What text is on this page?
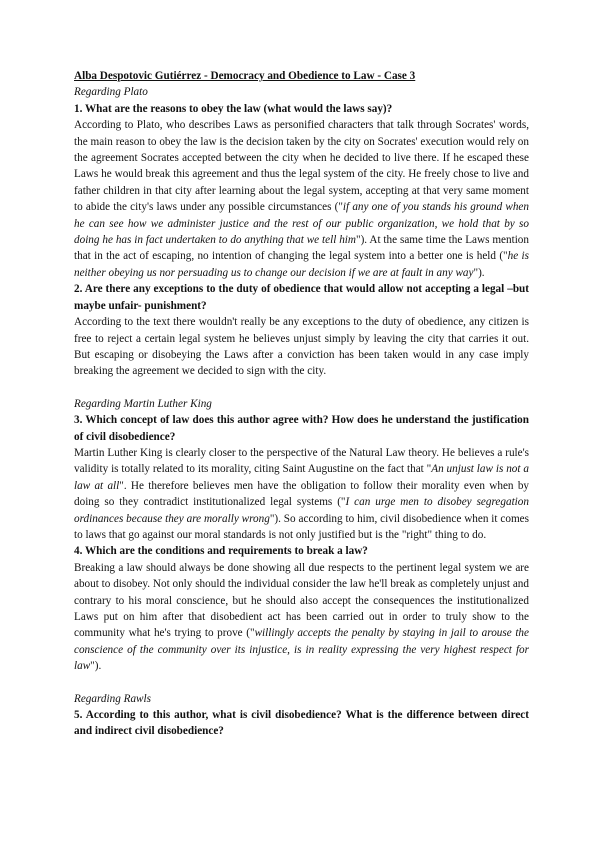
Alba Despotovic Gutiérrez - Democracy and Obedience to Law - Case 3
Regarding Plato
1. What are the reasons to obey the law (what would the laws say)?

According to Plato, who describes Laws as personified characters that talk through Socrates' words, the main reason to obey the law is the decision taken by the city on Socrates' execution would rely on the agreement Socrates accepted between the city when he decided to live there. If he escaped these Laws he would break this agreement and thus the legal system of the city. He freely chose to live and father children in that city after learning about the legal system, accepting at that very same moment to abide the city's laws under any possible circumstances ("if any one of you stands his ground when he can see how we administer justice and the rest of our public organization, we hold that by so doing he has in fact undertaken to do anything that we tell him"). At the same time the Laws mention that in the act of escaping, no intention of changing the legal system into a better one is held ("he is neither obeying us nor persuading us to change our decision if we are at fault in any way").

2. Are there any exceptions to the duty of obedience that would allow not accepting a legal –but maybe unfair- punishment?

According to the text there wouldn't really be any exceptions to the duty of obedience, any citizen is free to reject a certain legal system he believes unjust simply by leaving the city that carries it out. But escaping or disobeying the Laws after a conviction has been taken would in any case imply breaking the agreement we decided to sign with the city.

Regarding Martin Luther King
3. Which concept of law does this author agree with? How does he understand the justification of civil disobedience?

Martin Luther King is clearly closer to the perspective of the Natural Law theory. He believes a rule's validity is totally related to its morality, citing Saint Augustine on the fact that "An unjust law is not a law at all". He therefore believes men have the obligation to follow their morality even when by doing so they contradict institutionalized legal systems ("I can urge men to disobey segregation ordinances because they are morally wrong"). So according to him, civil disobedience when it comes to laws that go against our moral standards is not only justified but is the "right" thing to do.

4. Which are the conditions and requirements to break a law?

Breaking a law should always be done showing all due respects to the pertinent legal system we are about to disobey. Not only should the individual consider the law he'll break as completely unjust and contrary to his moral conscience, but he should also accept the consequences the institutionalized Laws put on him after that disobedient act has been carried out in order to truly show to the community what he's trying to prove ("willingly accepts the penalty by staying in jail to arouse the conscience of the community over its injustice, is in reality expressing the very highest respect for law").

Regarding Rawls
5. According to this author, what is civil disobedience? What is the difference between direct and indirect civil disobedience?
